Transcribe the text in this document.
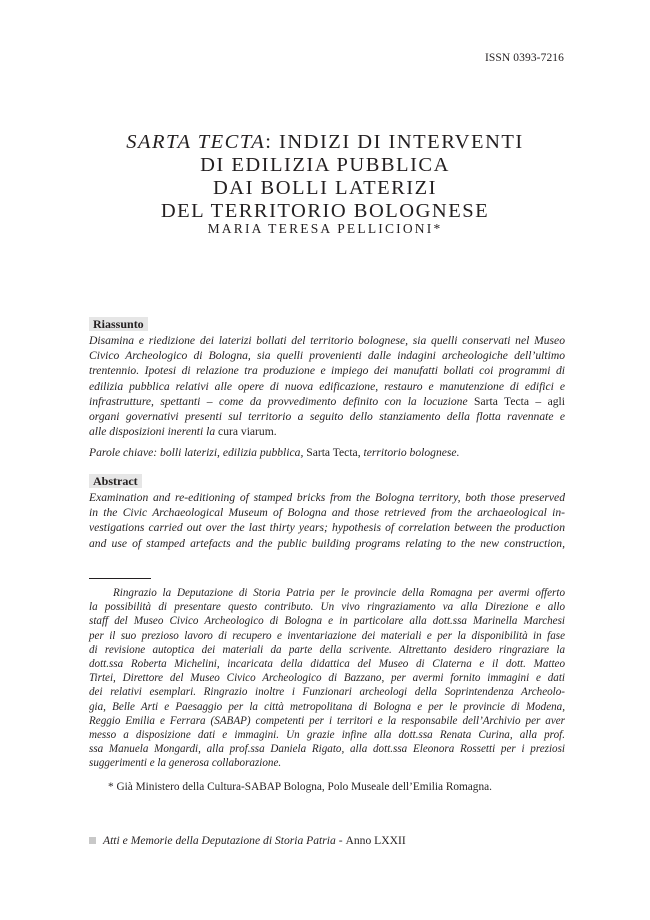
ISSN 0393-7216
SARTA TECTA: INDIZI DI INTERVENTI
DI EDILIZIA PUBBLICA
DAI BOLLI LATERIZI
DEL TERRITORIO BOLOGNESE
MARIA TERESA PELLICIONI*
Riassunto

Disamina e riedizione dei laterizi bollati del territorio bolognese, sia quelli conservati nel Museo
Civico Archeologico di Bologna, sia quelli provenienti dalle indagini archeologiche dell’ultimo
trentennio. Ipotesi di relazione tra produzione e impiego dei manufatti bollati coi programmi di
edilizia pubblica relativi alle opere di nuova edificazione, restauro e manutenzione di edifici e
infrastrutture, spettanti – come da provvedimento definito con la locuzione Sarta Tecta – agli
organi governativi presenti sul territorio a seguito dello stanziamento della flotta ravennate e
alle disposizioni inerenti la cura viarum.

Parole chiave: bolli laterizi, edilizia pubblica, Sarta Tecta, territorio bolognese.

Abstract

Examination and re-editioning of stamped bricks from the Bologna territory, both those preserved
in the Civic Archaeological Museum of Bologna and those retrieved from the archaeological in-
vestigations carried out over the last thirty years; hypothesis of correlation between the production
and use of stamped artefacts and the public building programs relating to the new construction,

Ringrazio la Deputazione di Storia Patria per le provincie della Romagna per avermi offerto
la possibilità di presentare questo contributo. Un vivo ringraziamento va alla Direzione e allo
staff del Museo Civico Archeologico di Bologna e in particolare alla dott.ssa Marinella Marchesi
per il suo prezioso lavoro di recupero e inventariazione dei materiali e per la disponibilità in fase
di revisione autoptica dei materiali da parte della scrivente. Altrettanto desidero ringraziare la
dott.ssa Roberta Michelini, incaricata della didattica del Museo di Claterna e il dott. Matteo
Tirtei, Direttore del Museo Civico Archeologico di Bazzano, per avermi fornito immagini e dati
dei relativi esemplari. Ringrazio inoltre i Funzionari archeologi della Soprintendenza Archeolo-
gia, Belle Arti e Paesaggio per la città metropolitana di Bologna e per le provincie di Modena,
Reggio Emilia e Ferrara (SABAP) competenti per i territori e la responsabile dell’Archivio per aver
messo a disposizione dati e immagini. Un grazie infine alla dott.ssa Renata Curina, alla prof.
ssa Manuela Mongardi, alla prof.ssa Daniela Rigato, alla dott.ssa Eleonora Rossetti per i preziosi
suggerimenti e la generosa collaborazione.

* Già Ministero della Cultura-SABAP Bologna, Polo Museale dell’Emilia Romagna.
Atti e Memorie della Deputazione di Storia Patria -
Anno LXXII
